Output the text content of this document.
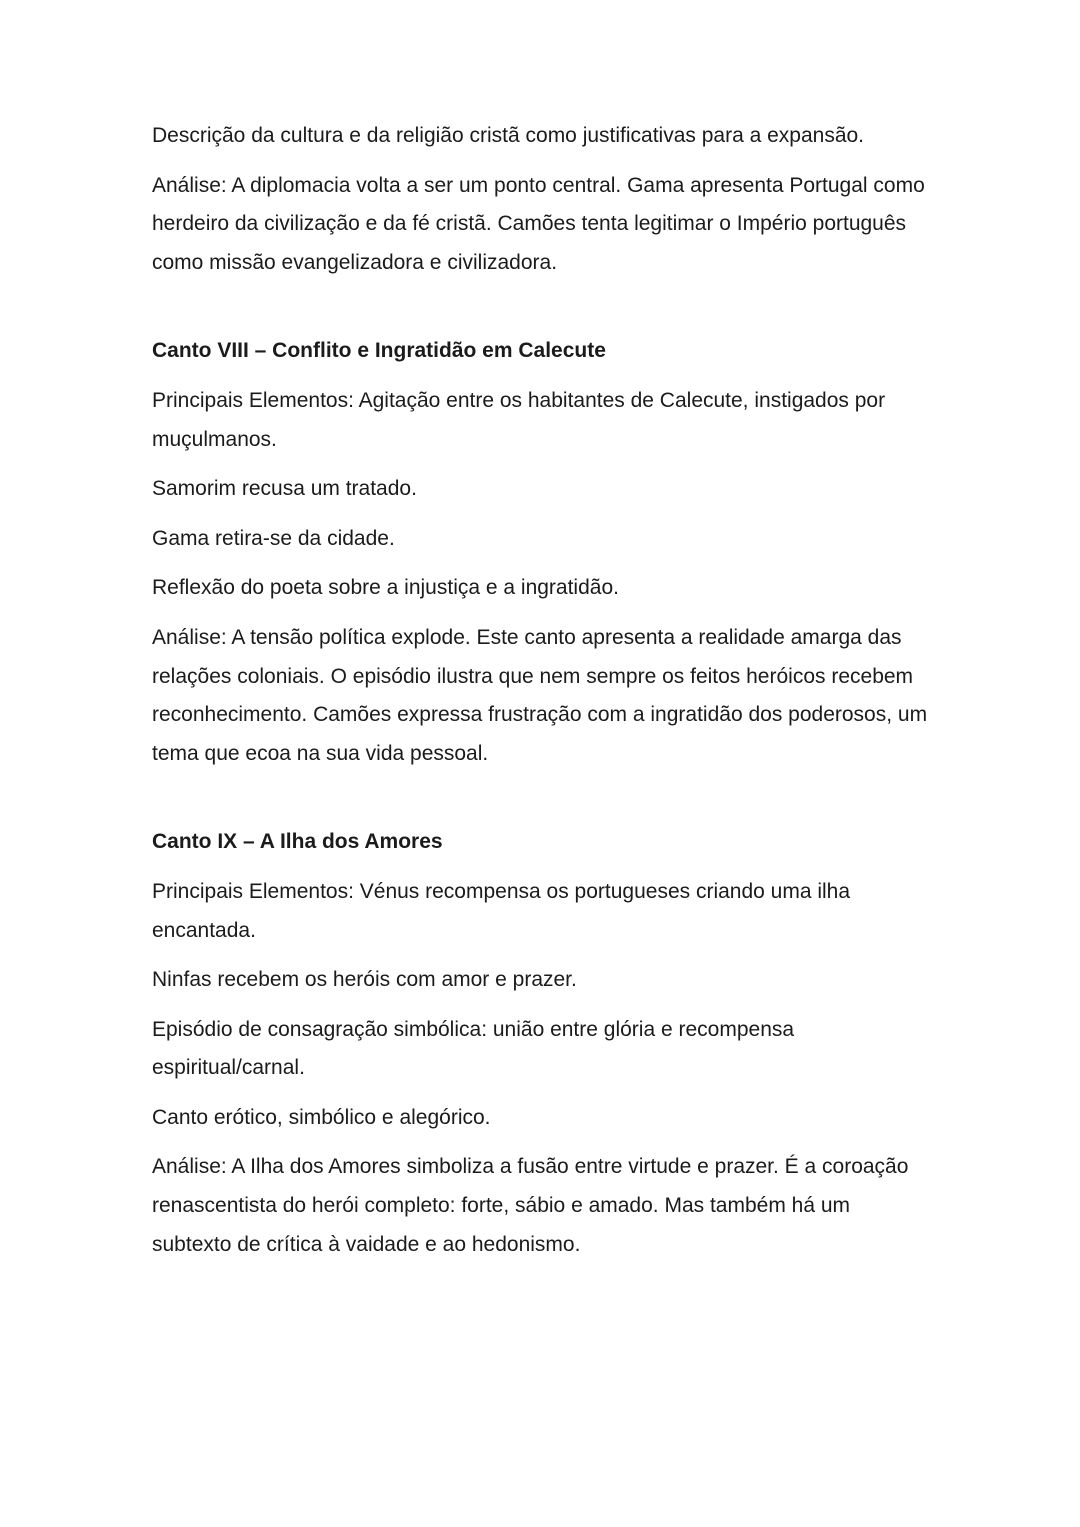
Descrição da cultura e da religião cristã como justificativas para a expansão.

Análise: A diplomacia volta a ser um ponto central. Gama apresenta Portugal como herdeiro da civilização e da fé cristã. Camões tenta legitimar o Império português como missão evangelizadora e civilizadora.

Canto VIII – Conflito e Ingratidão em Calecute

Principais Elementos: Agitação entre os habitantes de Calecute, instigados por muçulmanos.

Samorim recusa um tratado.

Gama retira-se da cidade.

Reflexão do poeta sobre a injustiça e a ingratidão.

Análise: A tensão política explode. Este canto apresenta a realidade amarga das relações coloniais. O episódio ilustra que nem sempre os feitos heróicos recebem reconhecimento. Camões expressa frustração com a ingratidão dos poderosos, um tema que ecoa na sua vida pessoal.

Canto IX – A Ilha dos Amores

Principais Elementos: Vénus recompensa os portugueses criando uma ilha encantada.

Ninfas recebem os heróis com amor e prazer.

Episódio de consagração simbólica: união entre glória e recompensa espiritual/carnal.

Canto erótico, simbólico e alegórico.

Análise: A Ilha dos Amores simboliza a fusão entre virtude e prazer. É a coroação renascentista do herói completo: forte, sábio e amado. Mas também há um subtexto de crítica à vaidade e ao hedonismo.
